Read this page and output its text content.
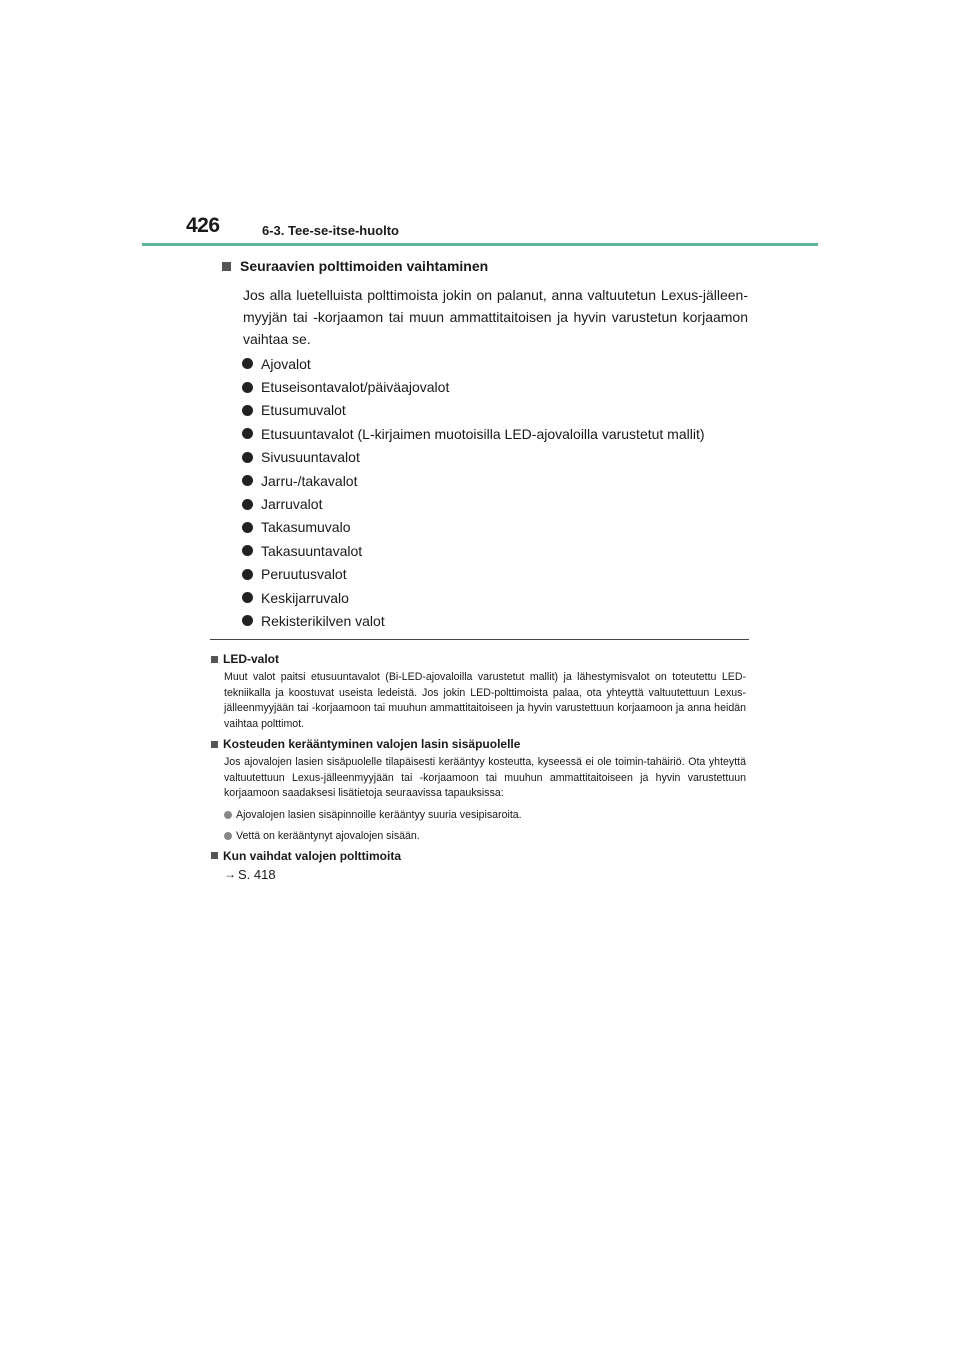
426	6-3. Tee-se-itse-huolto
Seuraavien polttimoiden vaihtaminen
Jos alla luetelluista polttimoista jokin on palanut, anna valtuutetun Lexus-jälleen-myyjän tai -korjaamon tai muun ammattitaitoisen ja hyvin varustetun korjaamon vaihtaa se.
Ajovalot
Etuseisontavalot/päiväajovalot
Etusumuvalot
Etusuuntavalot (L-kirjaimen muotoisilla LED-ajovaloilla varustetut mallit)
Sivusuuntavalot
Jarru-/takavalot
Jarruvalot
Takasumuvalo
Takasuuntavalot
Peruutusvalot
Keskijarruvalo
Rekisterikilven valot
LED-valot
Muut valot paitsi etusuuntavalot (Bi-LED-ajovaloilla varustetut mallit) ja lähestymisvalot on toteutettu LED-tekniikalla ja koostuvat useista ledeistä. Jos jokin LED-polttimoista palaa, ota yhteyttä valtuutettuun Lexus-jälleenmyyjään tai -korjaamoon tai muuhun ammattitaitoiseen ja hyvin varustettuun korjaamoon ja anna heidän vaihtaa polttimot.
Kosteuden kerääntyminen valojen lasin sisäpuolelle
Jos ajovalojen lasien sisäpuolelle tilapäisesti kerääntyy kosteutta, kyseessä ei ole toimin-tahäiriö. Ota yhteyttä valtuutettuun Lexus-jälleenmyyjään tai -korjaamoon tai muuhun ammattitaitoiseen ja hyvin varustettuun korjaamoon saadaksesi lisätietoja seuraavissa tapauksissa:
Ajovalojen lasien sisäpinnoille kerääntyy suuria vesipisaroita.
Vettä on kerääntynyt ajovalojen sisään.
Kun vaihdat valojen polttimoita
→ S. 418
